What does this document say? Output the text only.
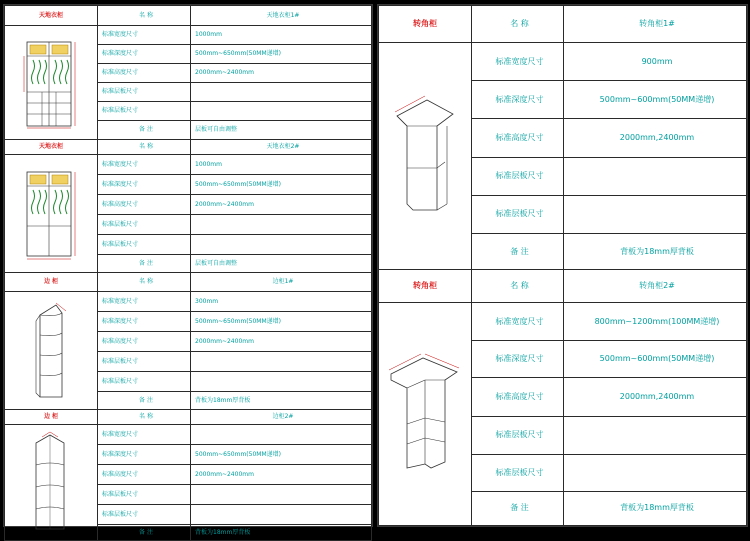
天地衣柜	名 称	天地衣柜1#

	标准宽度尺寸	1000mm
	标准深度尺寸	500mm~650mm(50MM递增)
	标准高度尺寸	2000mm~2400mm
	标准层板尺寸	
	标准层板尺寸	
	备 注	层板可自由调整
天地衣柜	名 称	天地衣柜2#

	标准宽度尺寸	1000mm
	标准深度尺寸	500mm~650mm(50MM递增)
	标准高度尺寸	2000mm~2400mm
	标准层板尺寸	
	标准层板尺寸	
	备 注	层板可自由调整
边 柜	名 称	边柜1#

	标准宽度尺寸	300mm
	标准深度尺寸	500mm~650mm(50MM递增)
	标准高度尺寸	2000mm~2400mm
	标准层板尺寸	
	标准层板尺寸	
	备 注	背板为18mm厚背板
边 柜	名 称	边柜2#

	标准宽度尺寸	
	标准深度尺寸	500mm~650mm(50MM递增)
	标准高度尺寸	2000mm~2400mm
	标准层板尺寸	
	标准层板尺寸	
	备 注	背板为18mm厚背板
转角柜	名 称	转角柜1#

	标准宽度尺寸	900mm
	标准深度尺寸	500mm~600mm(50MM递增)
	标准高度尺寸	2000mm,2400mm
	标准层板尺寸	
	标准层板尺寸	
	备 注	背板为18mm厚背板
转角柜	名 称	转角柜2#

	标准宽度尺寸	800mm~1200mm(100MM递增)
	标准深度尺寸	500mm~600mm(50MM递增)
	标准高度尺寸	2000mm,2400mm
	标准层板尺寸	
	标准层板尺寸	
	备 注	背板为18mm厚背板
